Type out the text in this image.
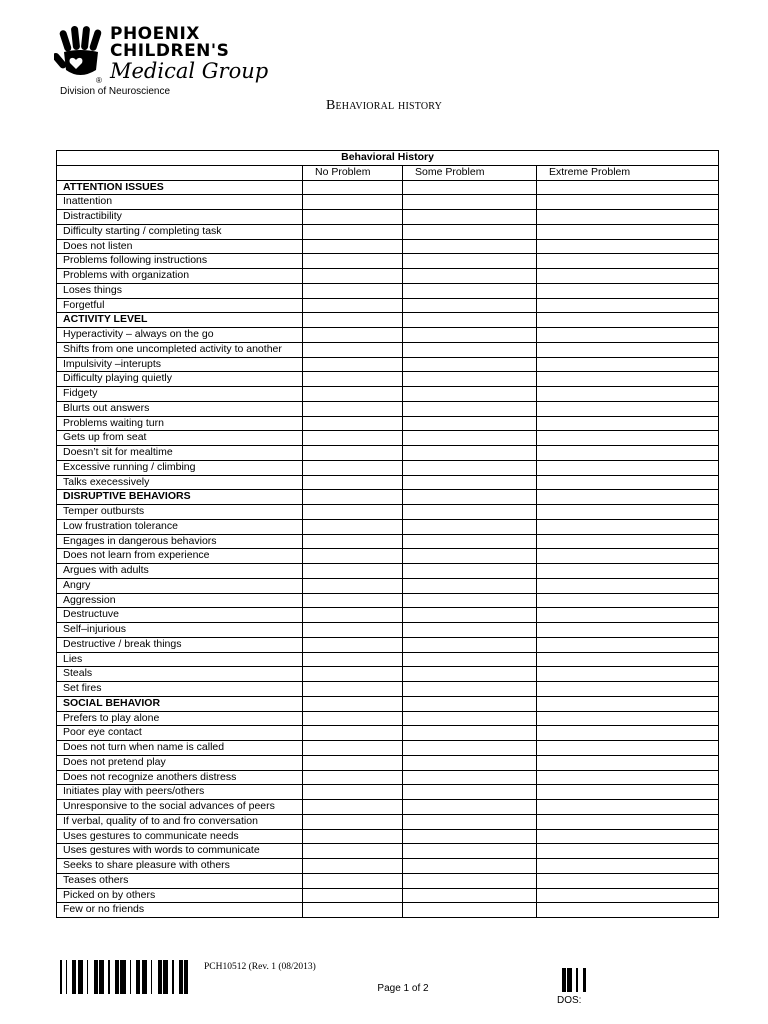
PHOENIX
CHILDREN'S
Medical Group
®
Division of Neuroscience
Behavioral history
Behavioral History			
	No Problem	Some Problem	Extreme Problem
ATTENTION ISSUES			
Inattention			
Distractibility			
Difficulty starting / completing task			
Does not listen			
Problems following instructions			
Problems with organization			
Loses things			
Forgetful			
ACTIVITY LEVEL			
Hyperactivity – always on the go			
Shifts from one uncompleted activity to another			
Impulsivity –interupts			
Difficulty playing quietly			
Fidgety			
Blurts out answers			
Problems waiting turn			
Gets up from seat			
Doesn’t sit for mealtime			
Excessive running / climbing			
Talks execessively			
DISRUPTIVE BEHAVIORS			
Temper outbursts			
Low frustration tolerance			
Engages in dangerous behaviors			
Does not learn from experience			
Argues with adults			
Angry			
Aggression			
Destructuve			
Self–injurious			
Destructive / break things			
Lies			
Steals			
Set fires			
SOCIAL BEHAVIOR			
Prefers to play alone			
Poor eye contact			
Does not turn when name is called			
Does not pretend play			
Does not recognize anothers distress			
Initiates play with peers/others			
Unresponsive to the social advances of peers			
If verbal, quality of to and fro conversation			
Uses gestures to communicate needs			
Uses gestures with words to communicate			
Seeks to share pleasure with others			
Teases others			
Picked on by others			
Few or no friends			
PCH10512 (Rev. 1 (08/2013)
Page 1 of 2
DOS:
